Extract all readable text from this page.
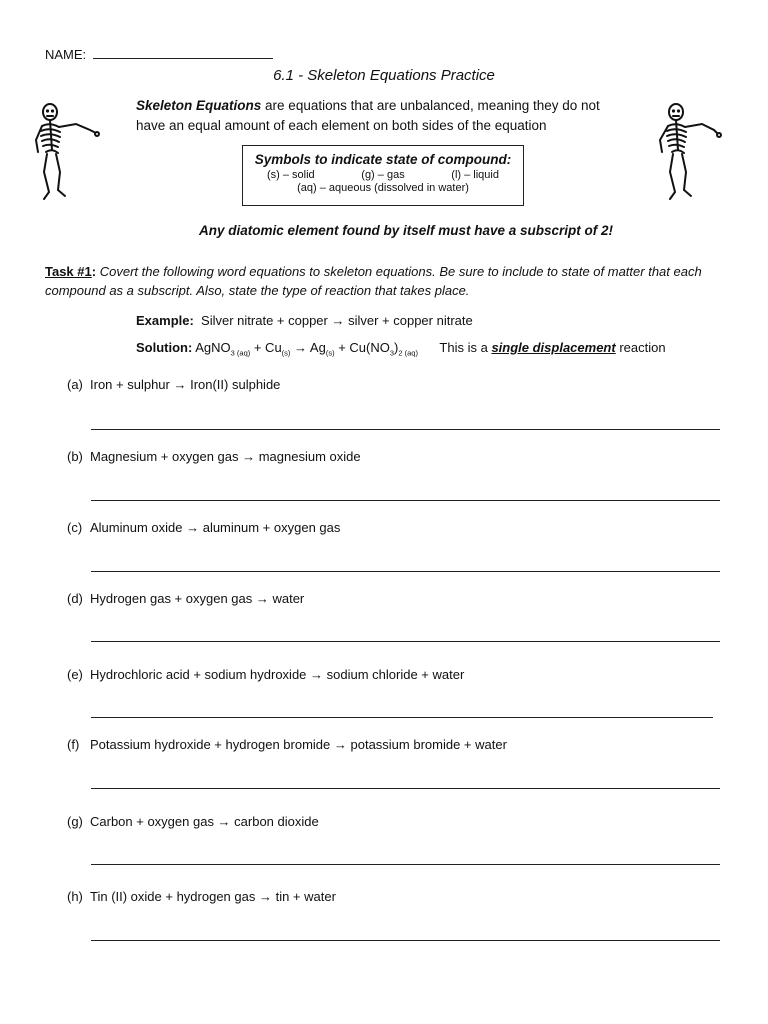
NAME:
6.1 - Skeleton Equations Practice
Skeleton Equations are equations that are unbalanced, meaning they do not
have an equal amount of each element on both sides of the equation
Symbols to indicate state of compound:
(s) – solid	(g) – gas	(l) – liquid
(aq) – aqueous (dissolved in water)
Any diatomic element found by itself must have a subscript of 2!
Task #1: Covert the following word equations to skeleton equations. Be sure to include to state of matter that each compound as a subscript. Also, state the type of reaction that takes place.
Example: Silver nitrate + copper → silver + copper nitrate
Solution: AgNO$_{3 (aq)}$ + $Cu_{(s)} \to Ag_{(s)} + Cu(NO_3)_{2 (aq)}$ This is a single displacement reaction
(a) Iron + sulphur → Iron(II) sulphide
(b) Magnesium + oxygen gas → magnesium oxide
(c) Aluminum oxide → aluminum + oxygen gas
(d) Hydrogen gas + oxygen gas → water
(e) Hydrochloric acid + sodium hydroxide → sodium chloride + water
(f) Potassium hydroxide + hydrogen bromide → potassium bromide + water
(g) Carbon + oxygen gas → carbon dioxide
(h) Tin (II) oxide + hydrogen gas → tin + water
